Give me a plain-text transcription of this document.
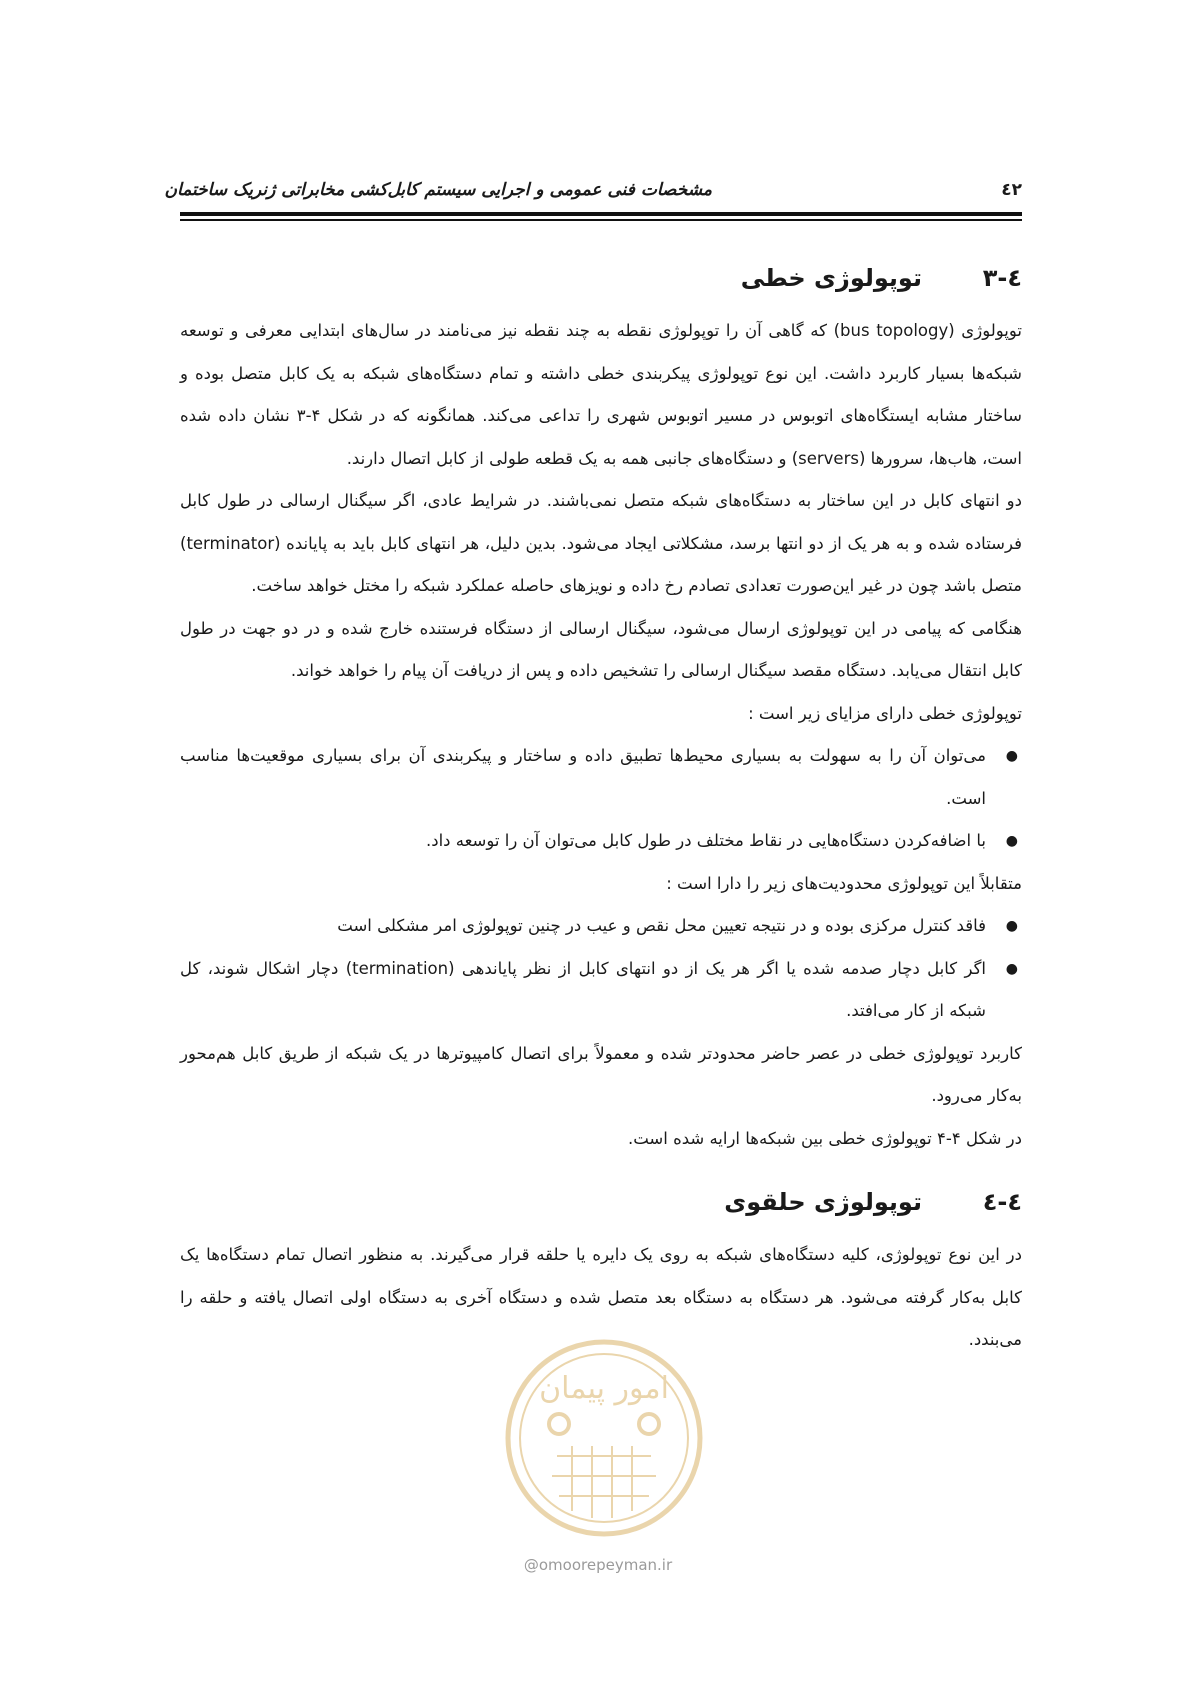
مشخصات فنی عمومی و اجرایی سیستم کابل‌کشی مخابراتی ژنریک ساختمان	٤٢
٤-٣
توپولوژی خطی

توپولوژی (bus topology) که گاهی آن را توپولوژی نقطه به چند نقطه نیز می‌نامند در سال‌های ابتدایی معرفی و توسعه شبکه‌ها بسیار کاربرد داشت. این نوع توپولوژی پیکربندی خطی داشته و تمام دستگاه‌های شبکه به یک کابل متصل بوده و ساختار مشابه ایستگاه‌های اتوبوس در مسیر اتوبوس شهری را تداعی می‌کند. همانگونه که در شکل ۴-۳ نشان داده شده است، هاب‌ها، سرورها (servers) و دستگاه‌های جانبی همه به یک قطعه طولی از کابل اتصال دارند.

دو انتهای کابل در این ساختار به دستگاه‌های شبکه متصل نمی‌باشند. در شرایط عادی، اگر سیگنال ارسالی در طول کابل فرستاده شده و به هر یک از دو انتها برسد، مشکلاتی ایجاد می‌شود. بدین دلیل، هر انتهای کابل باید به پایانده (terminator) متصل باشد چون در غیر این‌صورت تعدادی تصادم رخ داده و نویزهای حاصله عملکرد شبکه را مختل خواهد ساخت.

هنگامی که پیامی در این توپولوژی ارسال می‌شود، سیگنال ارسالی از دستگاه فرستنده خارج شده و در دو جهت در طول کابل انتقال می‌یابد. دستگاه مقصد سیگنال ارسالی را تشخیص داده و پس از دریافت آن پیام را خواهد خواند.

توپولوژی خطی دارای مزایای زیر است :

●
می‌توان آن را به سهولت به بسیاری محیط‌ها تطبیق داده و ساختار و پیکربندی آن برای بسیاری موقعیت‌ها مناسب است.
●
با اضافه‌کردن دستگاه‌هایی در نقاط مختلف در طول کابل می‌توان آن را توسعه داد.

متقابلاً این توپولوژی محدودیت‌های زیر را دارا است :

●
فاقد کنترل مرکزی بوده و در نتیجه تعیین محل نقص و عیب در چنین توپولوژی امر مشکلی است
●
اگر کابل دچار صدمه شده یا اگر هر یک از دو انتهای کابل از نظر پایاندهی (termination) دچار اشکال شوند، کل شبکه از کار می‌افتد.

کاربرد توپولوژی خطی در عصر حاضر محدودتر شده و معمولاً برای اتصال کامپیوترها در یک شبکه از طریق کابل هم‌محور به‌کار می‌رود.

در شکل ۴-۴ توپولوژی خطی بین شبکه‌ها ارایه شده است.

٤-٤
توپولوژی حلقوی

در این نوع توپولوژی، کلیه دستگاه‌های شبکه به روی یک دایره یا حلقه قرار می‌گیرند. به منظور اتصال تمام دستگاه‌ها یک کابل به‌کار گرفته می‌شود. هر دستگاه به دستگاه بعد متصل شده و دستگاه آخری به دستگاه اولی اتصال یافته و حلقه را می‌بندد.

امور پیمان
@omoorepeyman.ir
